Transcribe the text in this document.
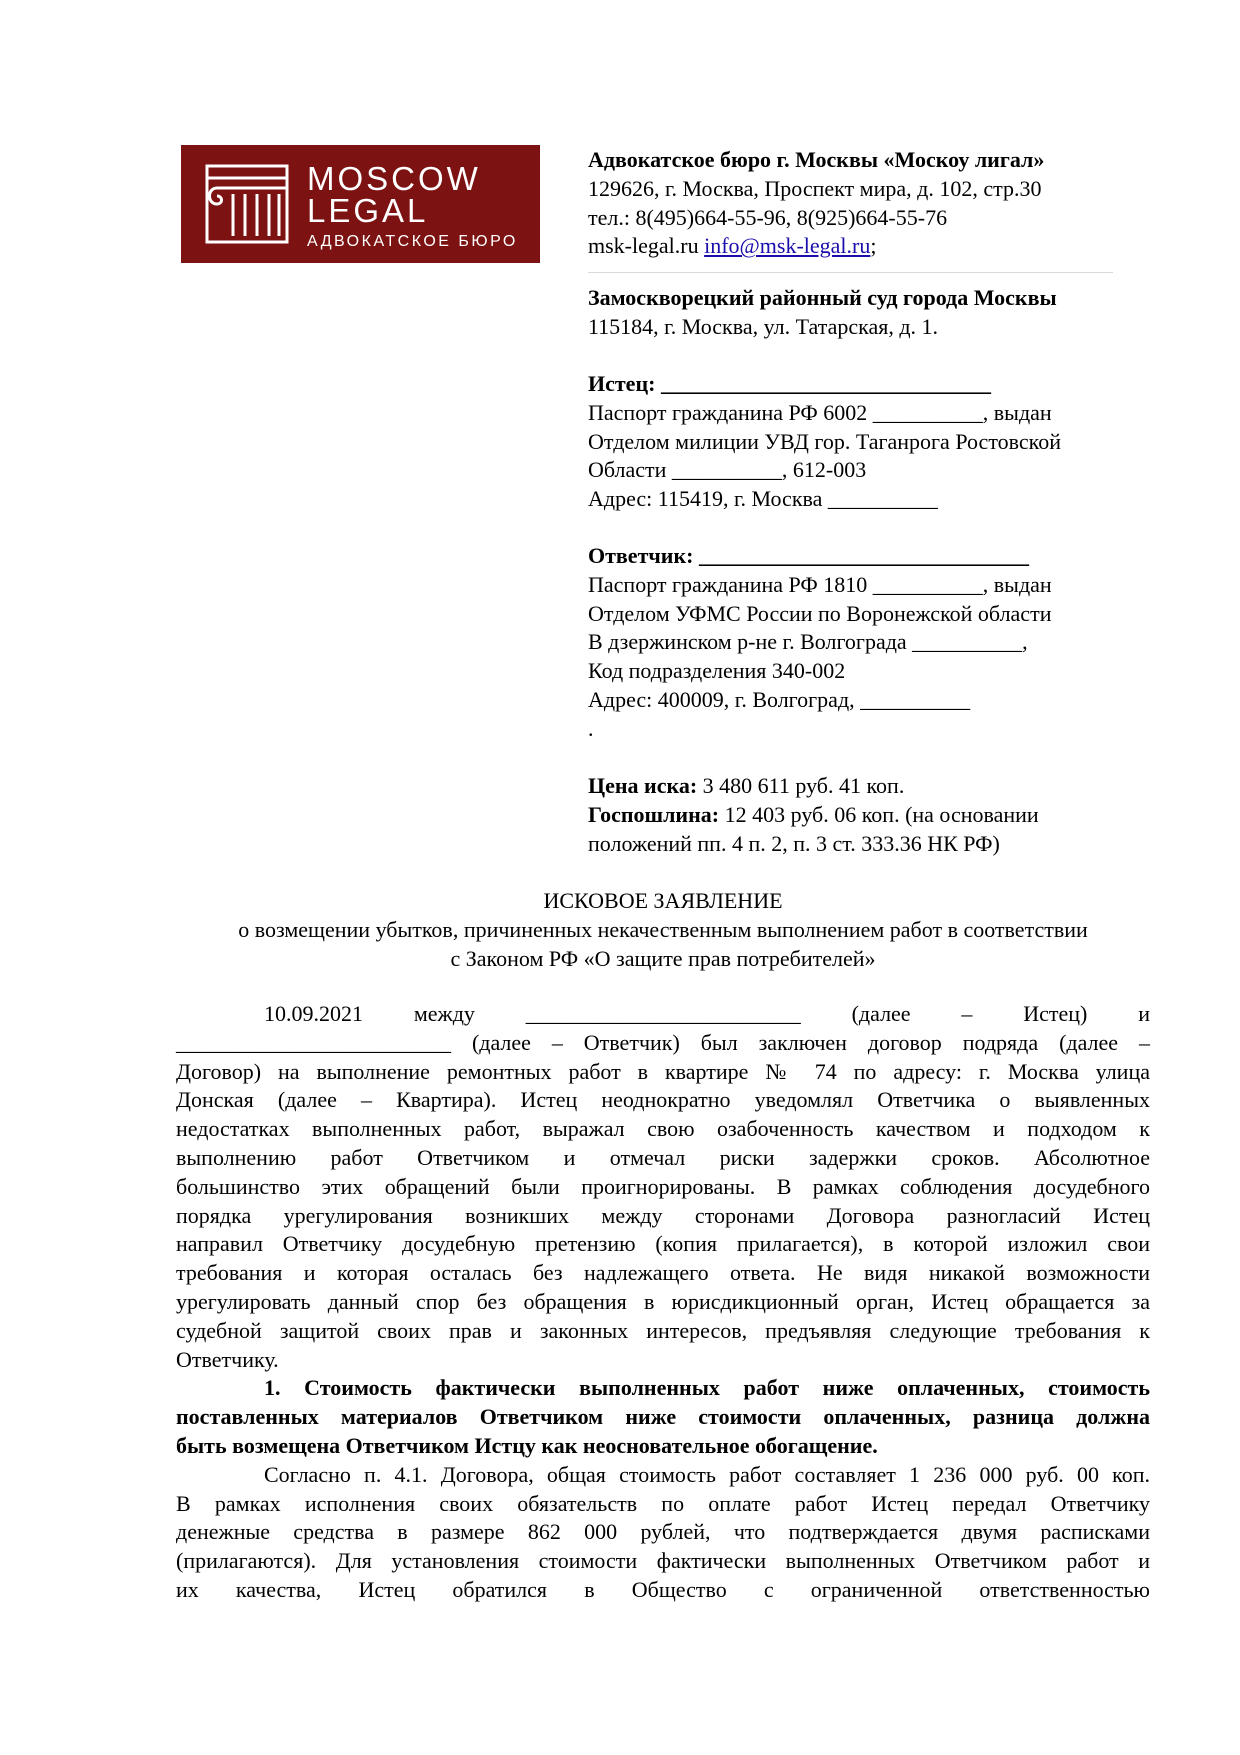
MOSCOW
LEGAL
АДВОКАТСКОЕ БЮРО
Адвокатское бюро г. Москвы «Москоу лигал»
129626, г. Москва, Проспект мира, д. 102, стр.30
тел.: 8(495)664-55-96, 8(925)664-55-76
msk-legal.ru info@msk-legal.ru;
Замоскворецкий районный суд города Москвы
115184, г. Москва, ул. Татарская, д. 1.
Истец: ______________________________
Паспорт гражданина РФ 6002 __________, выдан
Отделом милиции УВД гор. Таганрога Ростовской
Области __________, 612-003
Адрес: 115419, г. Москва __________
Ответчик: ______________________________
Паспорт гражданина РФ 1810 __________, выдан
Отделом УФМС России по Воронежской области
В дзержинском р-не г. Волгограда __________,
Код подразделения 340-002
Адрес: 400009, г. Волгоград, __________
.
Цена иска: 3 480 611 руб. 41 коп.
Госпошлина: 12 403 руб. 06 коп. (на основании
положений пп. 4 п. 2, п. 3 ст. 333.36 НК РФ)
ИСКОВОЕ ЗАЯВЛЕНИЕ
о возмещении убытков, причиненных некачественным выполнением работ в соответствии
с Законом РФ «О защите прав потребителей»
10.09.2021 между _________________________ (далее – Истец) и
_________________________ (далее – Ответчик) был заключен договор подряда (далее –
Договор) на выполнение ремонтных работ в квартире № 74 по адресу: г. Москва улица
Донская (далее – Квартира). Истец неоднократно уведомлял Ответчика о выявленных
недостатках выполненных работ, выражал свою озабоченность качеством и подходом к
выполнению работ Ответчиком и отмечал риски задержки сроков. Абсолютное
большинство этих обращений были проигнорированы. В рамках соблюдения досудебного
порядка урегулирования возникших между сторонами Договора разногласий Истец
направил Ответчику досудебную претензию (копия прилагается), в которой изложил свои
требования и которая осталась без надлежащего ответа. Не видя никакой возможности
урегулировать данный спор без обращения в юрисдикционный орган, Истец обращается за
судебной защитой своих прав и законных интересов, предъявляя следующие требования к
Ответчику.
1. Стоимость фактически выполненных работ ниже оплаченных, стоимость
поставленных материалов Ответчиком ниже стоимости оплаченных, разница должна
быть возмещена Ответчиком Истцу как неосновательное обогащение.
Согласно п. 4.1. Договора, общая стоимость работ составляет 1 236 000 руб. 00 коп.
В рамках исполнения своих обязательств по оплате работ Истец передал Ответчику
денежные средства в размере 862 000 рублей, что подтверждается двумя расписками
(прилагаются). Для установления стоимости фактически выполненных Ответчиком работ и
их качества, Истец обратился в Общество с ограниченной ответственностью
